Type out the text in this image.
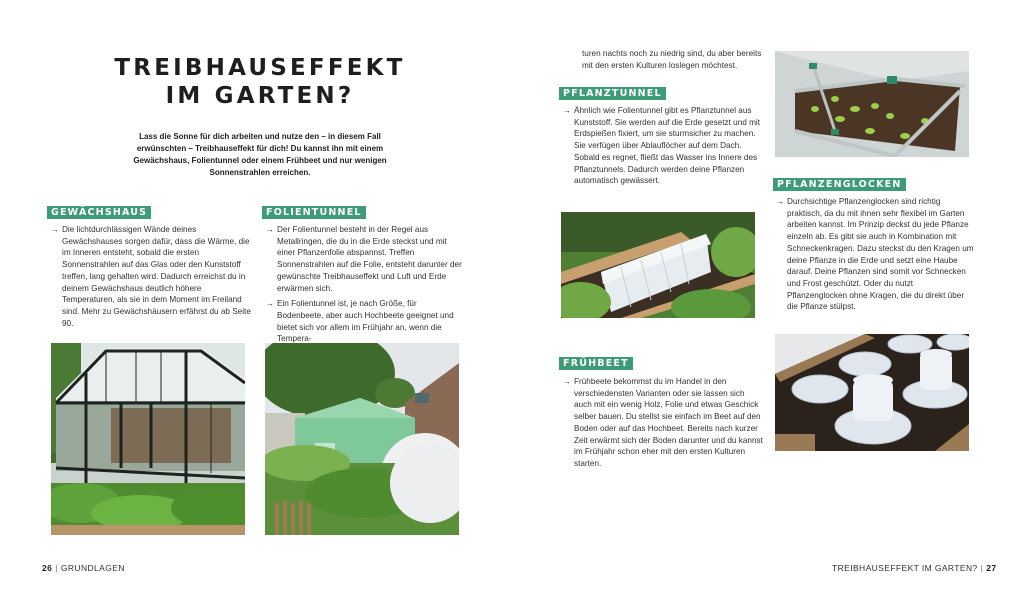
TREIBHAUSEFFEKT
IM GARTEN?

Lass die Sonne für dich arbeiten und nutze den – in diesem Fall erwünschten – Treibhauseffekt für dich! Du kannst ihn mit einem Gewächshaus, Folientunnel oder einem Frühbeet und nur wenigen Sonnenstrahlen erreichen.

GEWÄCHSHAUS

→ Die lichtdurchlässigen Wände deines Gewächshauses sorgen dafür, dass die Wärme, die im Inneren entsteht, sobald die ersten Sonnenstrahlen auf das Glas oder den Kunststoff treffen, lang gehalten wird. Dadurch erreichst du in deinem Gewächshaus deutlich höhere Temperaturen, als sie in dem Moment im Freiland sind. Mehr zu Gewächshäusern erfährst du ab Seite 90.

FOLIENTUNNEL

→ Der Folientunnel besteht in der Regel aus Metallringen, die du in die Erde steckst und mit einer Pflanzenfolie abspannst. Treffen Sonnenstrahlen auf die Folie, entsteht darunter der gewünschte Treibhauseffekt und Luft und Erde erwärmen sich.

→ Ein Folientunnel ist, je nach Größe, für Bodenbeete, aber auch Hochbeete geeignet und bietet sich vor allem im Frühjahr an, wenn die Tempera-

26 | GRUNDLAGEN

turen nachts noch zu niedrig sind, du aber bereits mit den ersten Kulturen loslegen möchtest.

PFLANZTUNNEL

→ Ähnlich wie Folientunnel gibt es Pflanztunnel aus Kunststoff. Sie werden auf die Erde gesetzt und mit Erdspießen fixiert, um sie sturmsicher zu machen. Sie verfügen über Ablauflöcher auf dem Dach. Sobald es regnet, fließt das Wasser ins Innere des Pflanztunnels. Dadurch werden deine Pflanzen automatisch gewässert.

FRÜHBEET

→ Frühbeete bekommst du im Handel in den verschiedensten Varianten oder sie lassen sich auch mit ein wenig Holz, Folie und etwas Geschick selber bauen. Du stellst sie einfach im Beet auf den Boden oder auf das Hochbeet. Bereits nach kurzer Zeit erwärmt sich der Boden darunter und du kannst im Frühjahr schon eher mit den ersten Kulturen starten.

PFLANZENGLOCKEN

→ Durchsichtige Pflanzenglocken sind richtig praktisch, da du mit ihnen sehr flexibel im Garten arbeiten kannst. Im Prinzip deckst du jede Pflanze einzeln ab. Es gibt sie auch in Kombination mit Schneckenkragen. Dazu steckst du den Kragen um deine Pflanze in die Erde und setzt eine Haube darauf. Deine Pflanzen sind somit vor Schnecken und Frost geschützt. Oder du nutzt Pflanzenglocken ohne Kragen, die du direkt über die Pflanze stülpst.

TREIBHAUSEFFEKT IM GARTEN? | 27
